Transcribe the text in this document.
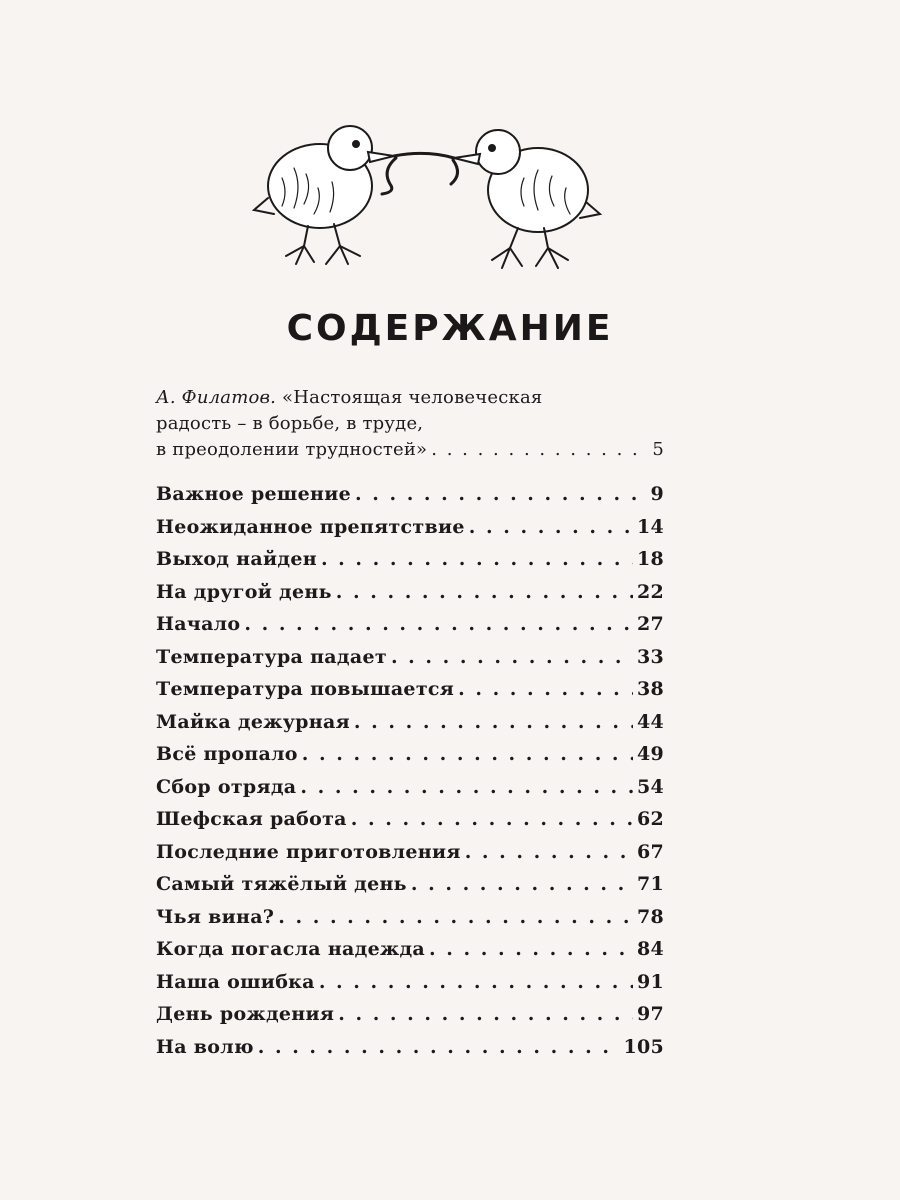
СОДЕРЖАНИЕ
А. Филатов. «Настоящая человеческая
радость – в борьбе, в труде,
в преодолении трудностей» . . .	5
Важное решение . . .	9
Неожиданное препятствие . . .	14
Выход найден . . .	18
На другой день . . .	22
Начало . . .	27
Температура падает . . .	33
Температура повышается . . .	38
Майка дежурная . . .	44
Всё пропало . . .	49
Сбор отряда . . .	54
Шефская работа . . .	62
Последние приготовления . . .	67
Самый тяжёлый день . . .	71
Чья вина? . . .	78
Когда погасла надежда . . .	84
Наша ошибка . . .	91
День рождения . . .	97
На волю . . .	105
